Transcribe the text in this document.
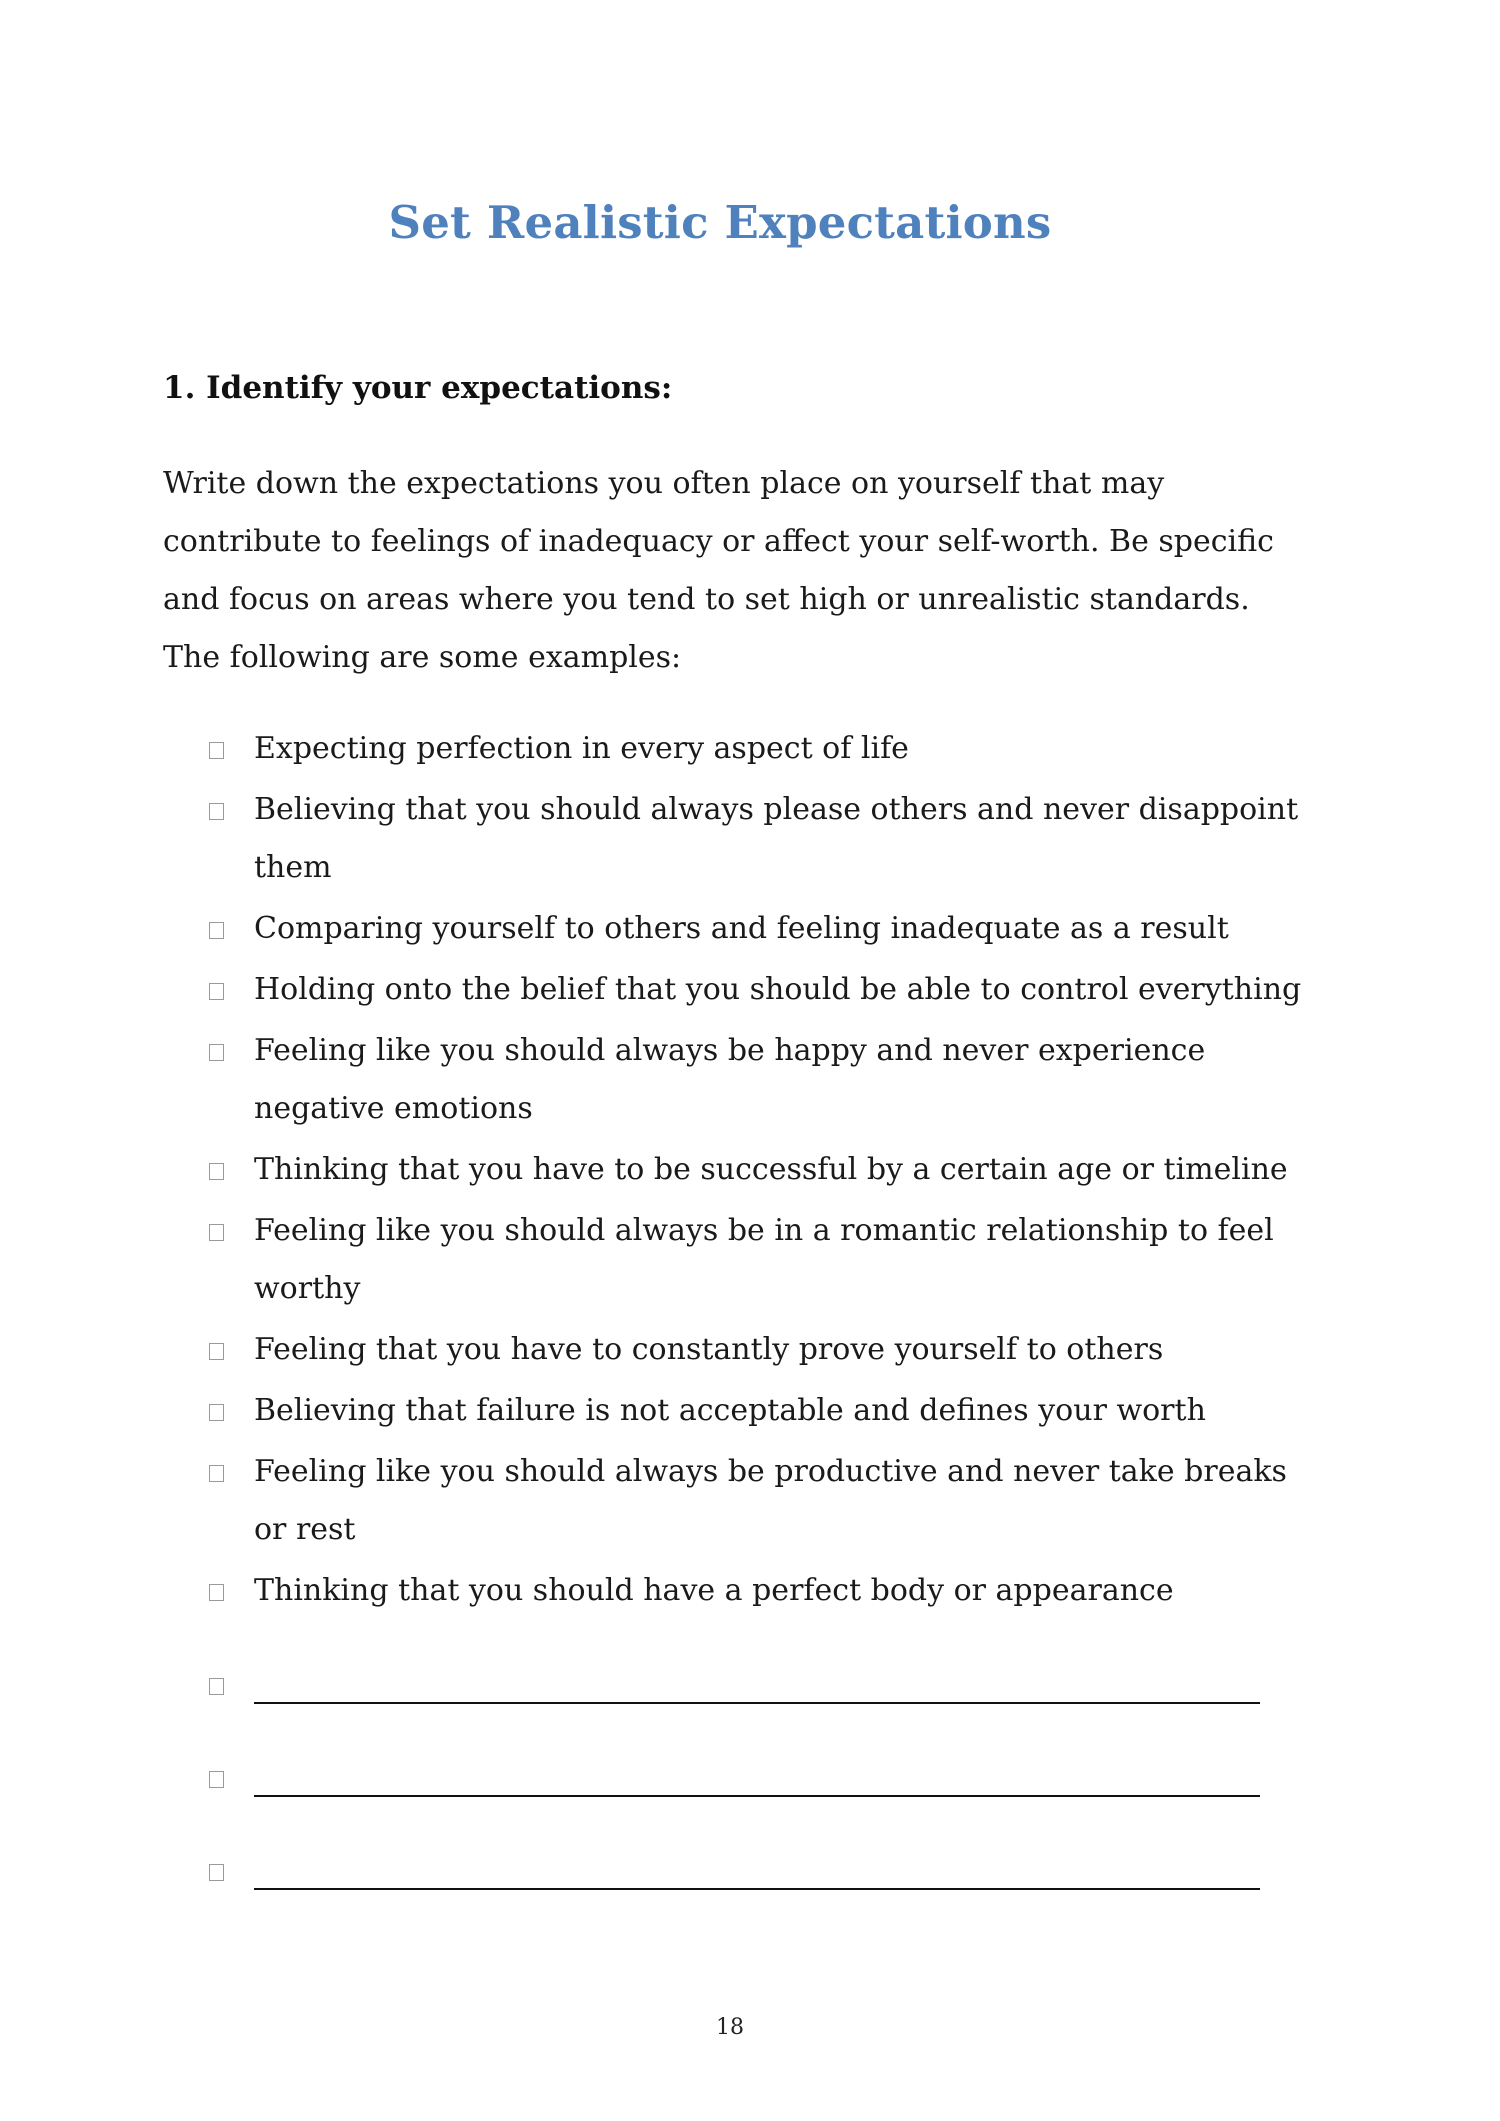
Set Realistic Expectations
1. Identify your expectations:

Write down the expectations you often place on yourself that may contribute to feelings of inadequacy or affect your self-worth. Be specific and focus on areas where you tend to set high or unrealistic standards. The following are some examples:

Expecting perfection in every aspect of life
Believing that you should always please others and never disappoint them
Comparing yourself to others and feeling inadequate as a result
Holding onto the belief that you should be able to control everything
Feeling like you should always be happy and never experience negative emotions
Thinking that you have to be successful by a certain age or timeline
Feeling like you should always be in a romantic relationship to feel worthy
Feeling that you have to constantly prove yourself to others
Believing that failure is not acceptable and defines your worth
Feeling like you should always be productive and never take breaks or rest
Thinking that you should have a perfect body or appearance
18
